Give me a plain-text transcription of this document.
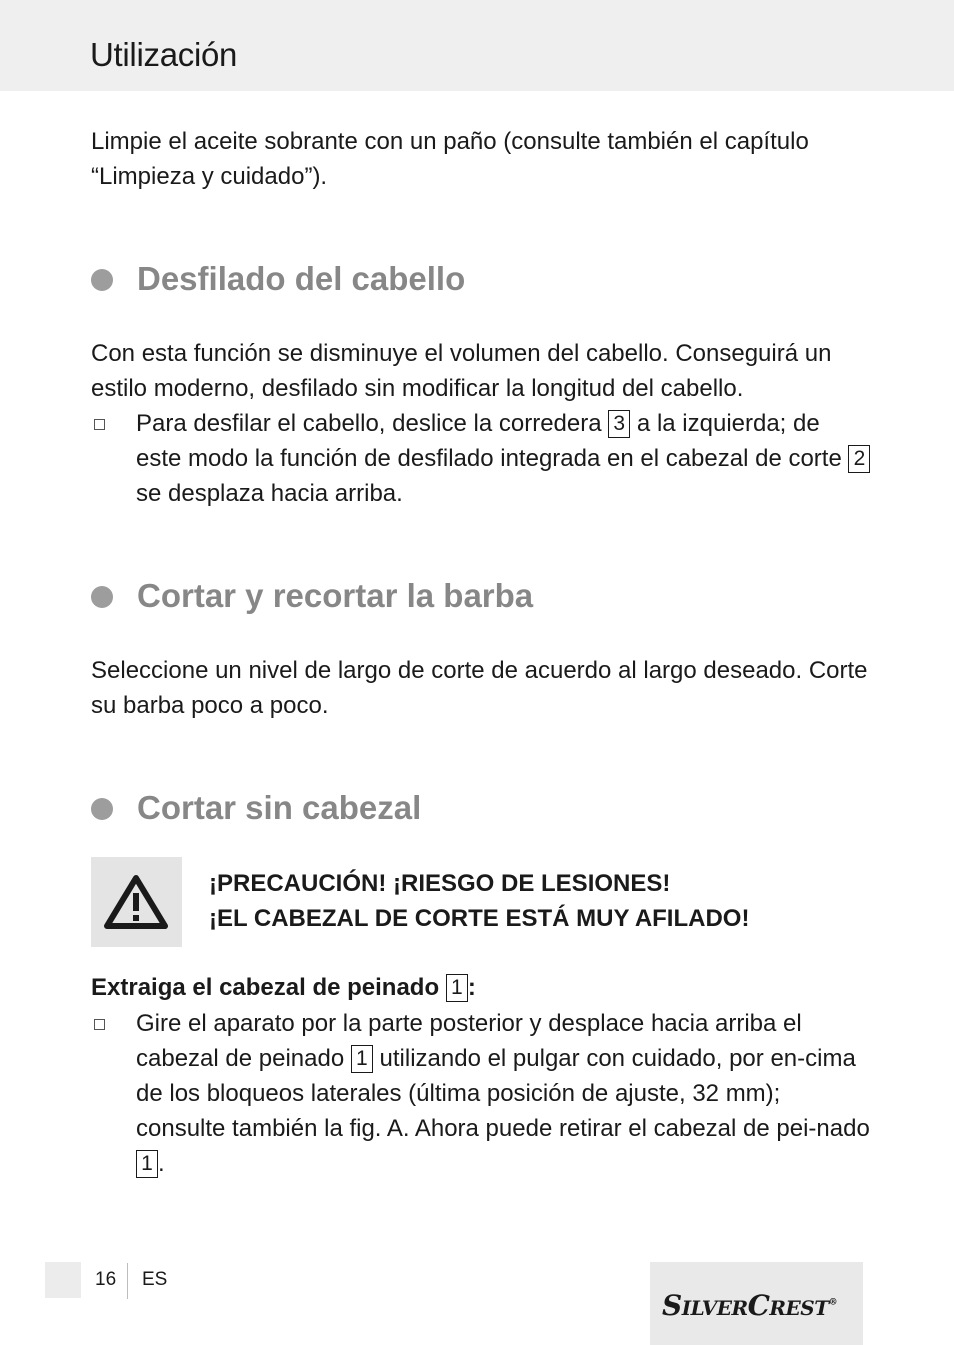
Utilización

Limpie el aceite sobrante con un paño (consulte también el capítulo “Limpieza y cuidado”).

Desfilado del cabello

Con esta función se disminuye el volumen del cabello. Conseguirá un estilo moderno, desfilado sin modificar la longitud del cabello.

Para desfilar el cabello, deslice la corredera 3 a la izquierda; de este modo la función de desfilado integrada en el cabezal de corte 2 se desplaza hacia arriba.

Cortar y recortar la barba

Seleccione un nivel de largo de corte de acuerdo al largo deseado. Corte su barba poco a poco.

Cortar sin cabezal

¡PRECAUCIÓN! ¡RIESGO DE LESIONES!
¡EL CABEZAL DE CORTE ESTÁ MUY AFILADO!

Extraiga el cabezal de peinado 1 :

Gire el aparato por la parte posterior y desplace hacia arriba el cabezal de peinado 1 utilizando el pulgar con cuidado, por en-cima de los bloqueos laterales (última posición de ajuste, 32 mm); consulte también la fig. A. Ahora puede retirar el cabezal de pei-nado 1 .

16 ES
SilverCrest®
